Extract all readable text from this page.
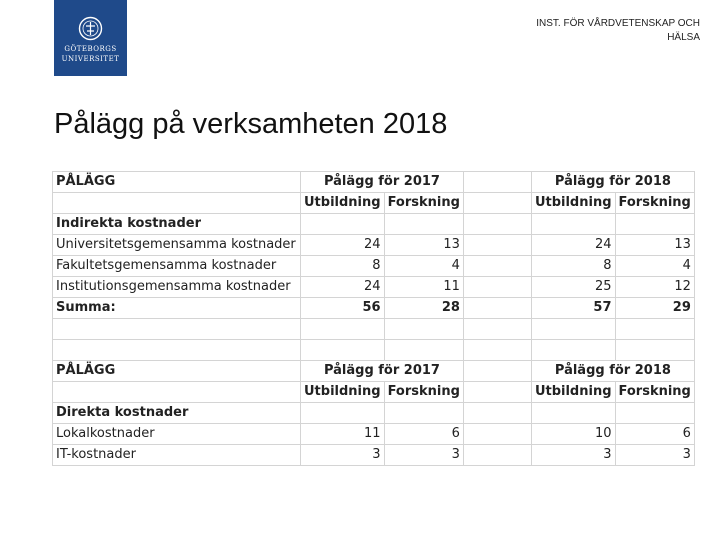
GÖTEBORGS
UNIVERSITET
INST. FÖR VÅRDVETENSKAP OCH
HÄLSA
Pålägg på verksamheten 2018
PÅLÄGG	Pålägg för 2017			Pålägg för 2018	
	Utbildning	Forskning		Utbildning	Forskning
Indirekta kostnader					
Universitetsgemensamma kostnader	24	13		24	13
Fakultetsgemensamma kostnader	8	4		8	4
Institutionsgemensamma kostnader	24	11		25	12
Summa:	56	28		57	29

PÅLÄGG	Pålägg för 2017			Pålägg för 2018	
	Utbildning	Forskning		Utbildning	Forskning
Direkta kostnader					
Lokalkostnader	11	6		10	6
IT-kostnader	3	3		3	3
